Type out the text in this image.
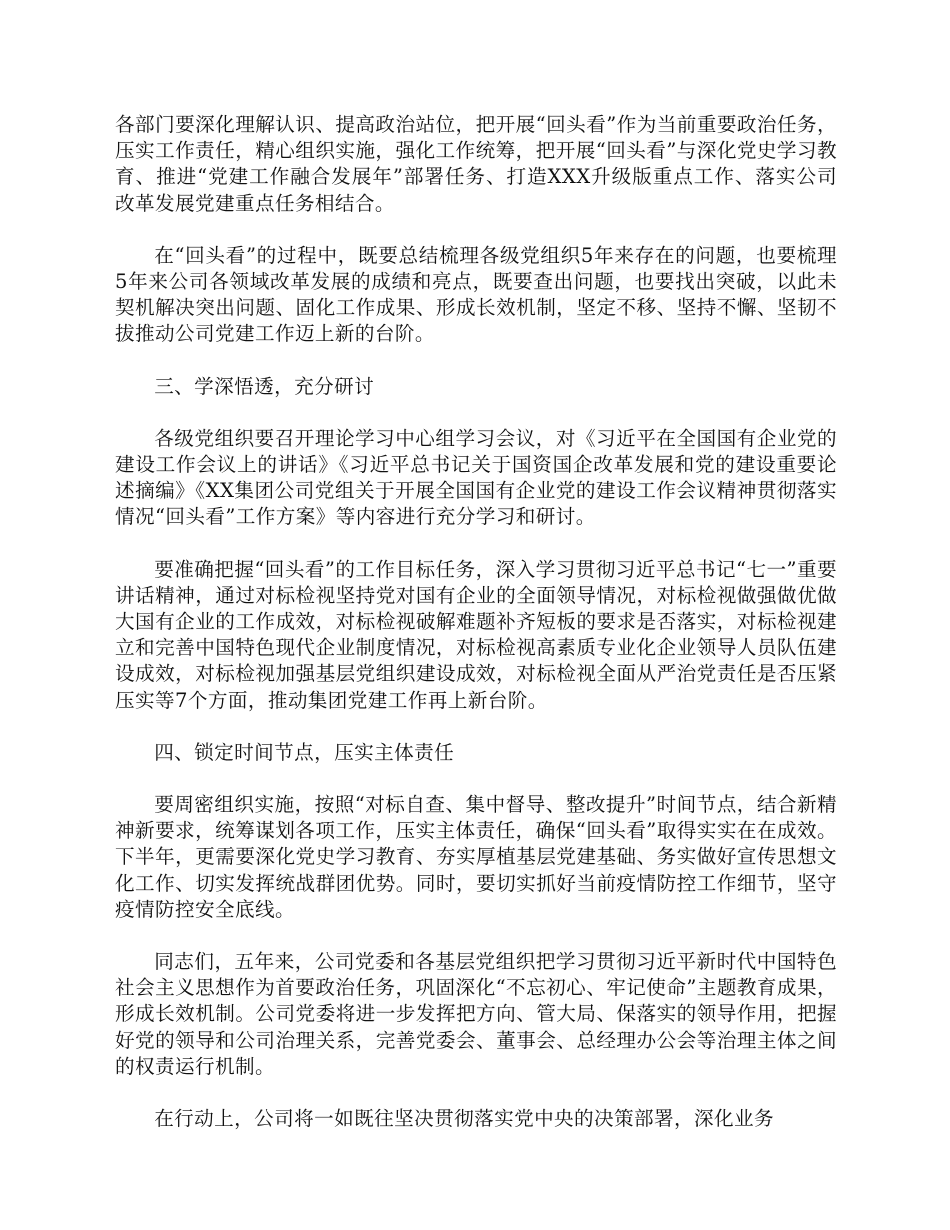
各部门要深化理解认识、提高政治站位，把开展“回头看”作为当前重要政治任务，压实工作责任，精心组织实施，强化工作统筹，把开展“回头看”与深化党史学习教育、推进“党建工作融合发展年”部署任务、打造XXX升级版重点工作、落实公司改革发展党建重点任务相结合。

在“回头看”的过程中，既要总结梳理各级党组织5年来存在的问题，也要梳理5年来公司各领域改革发展的成绩和亮点，既要查出问题，也要找出突破，以此未契机解决突出问题、固化工作成果、形成长效机制，坚定不移、坚持不懈、坚韧不拔推动公司党建工作迈上新的台阶。

三、学深悟透，充分研讨

各级党组织要召开理论学习中心组学习会议，对《习近平在全国国有企业党的建设工作会议上的讲话》《习近平总书记关于国资国企改革发展和党的建设重要论述摘编》《XX集团公司党组关于开展全国国有企业党的建设工作会议精神贯彻落实情况“回头看”工作方案》等内容进行充分学习和研讨。

要准确把握“回头看”的工作目标任务，深入学习贯彻习近平总书记“七一”重要讲话精神，通过对标检视坚持党对国有企业的全面领导情况，对标检视做强做优做大国有企业的工作成效，对标检视破解难题补齐短板的要求是否落实，对标检视建立和完善中国特色现代企业制度情况，对标检视高素质专业化企业领导人员队伍建设成效，对标检视加强基层党组织建设成效，对标检视全面从严治党责任是否压紧压实等7个方面，推动集团党建工作再上新台阶。

四、锁定时间节点，压实主体责任

要周密组织实施，按照“对标自查、集中督导、整改提升”时间节点，结合新精神新要求，统筹谋划各项工作，压实主体责任，确保“回头看”取得实实在在成效。下半年，更需要深化党史学习教育、夯实厚植基层党建基础、务实做好宣传思想文化工作、切实发挥统战群团优势。同时，要切实抓好当前疫情防控工作细节，坚守疫情防控安全底线。

同志们，五年来，公司党委和各基层党组织把学习贯彻习近平新时代中国特色社会主义思想作为首要政治任务，巩固深化“不忘初心、牢记使命”主题教育成果，形成长效机制。公司党委将进一步发挥把方向、管大局、保落实的领导作用，把握好党的领导和公司治理关系，完善党委会、董事会、总经理办公会等治理主体之间的权责运行机制。

在行动上，公司将一如既往坚决贯彻落实党中央的决策部署，深化业务
